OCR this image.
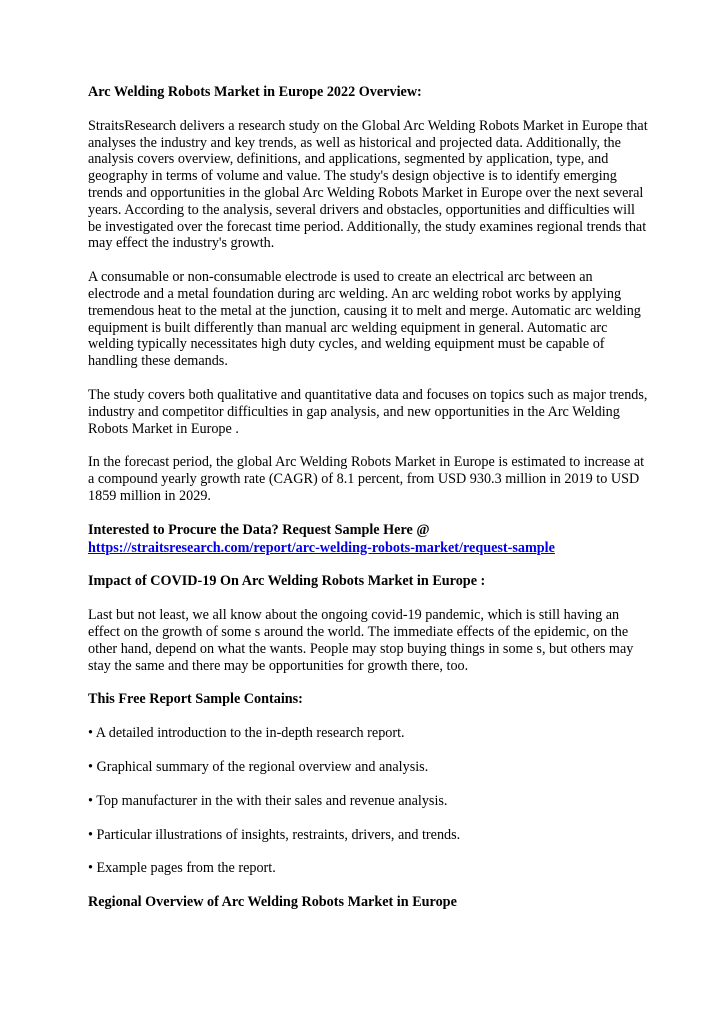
Arc Welding Robots Market in Europe 2022 Overview:

StraitsResearch delivers a research study on the Global Arc Welding Robots Market in Europe that analyses the industry and key trends, as well as historical and projected data. Additionally, the analysis covers overview, definitions, and applications, segmented by application, type, and geography in terms of volume and value. The study's design objective is to identify emerging trends and opportunities in the global Arc Welding Robots Market in Europe over the next several years. According to the analysis, several drivers and obstacles, opportunities and difficulties will be investigated over the forecast time period. Additionally, the study examines regional trends that may effect the industry's growth.

A consumable or non-consumable electrode is used to create an electrical arc between an electrode and a metal foundation during arc welding. An arc welding robot works by applying tremendous heat to the metal at the junction, causing it to melt and merge. Automatic arc welding equipment is built differently than manual arc welding equipment in general. Automatic arc welding typically necessitates high duty cycles, and welding equipment must be capable of handling these demands.

The study covers both qualitative and quantitative data and focuses on topics such as major trends, industry and competitor difficulties in gap analysis, and new opportunities in the Arc Welding Robots Market in Europe .

In the forecast period, the global Arc Welding Robots Market in Europe is estimated to increase at a compound yearly growth rate (CAGR) of 8.1 percent, from USD 930.3 million in 2019 to USD 1859 million in 2029.

Interested to Procure the Data? Request Sample Here @

https://straitsresearch.com/report/arc-welding-robots-market/request-sample

Impact of COVID-19 On Arc Welding Robots Market in Europe :

Last but not least, we all know about the ongoing covid-19 pandemic, which is still having an effect on the growth of some s around the world. The immediate effects of the epidemic, on the other hand, depend on what the wants. People may stop buying things in some s, but others may stay the same and there may be opportunities for growth there, too.

This Free Report Sample Contains:

• A detailed introduction to the in-depth research report.

• Graphical summary of the regional overview and analysis.

• Top manufacturer in the with their sales and revenue analysis.

• Particular illustrations of insights, restraints, drivers, and trends.

• Example pages from the report.

Regional Overview of Arc Welding Robots Market in Europe
